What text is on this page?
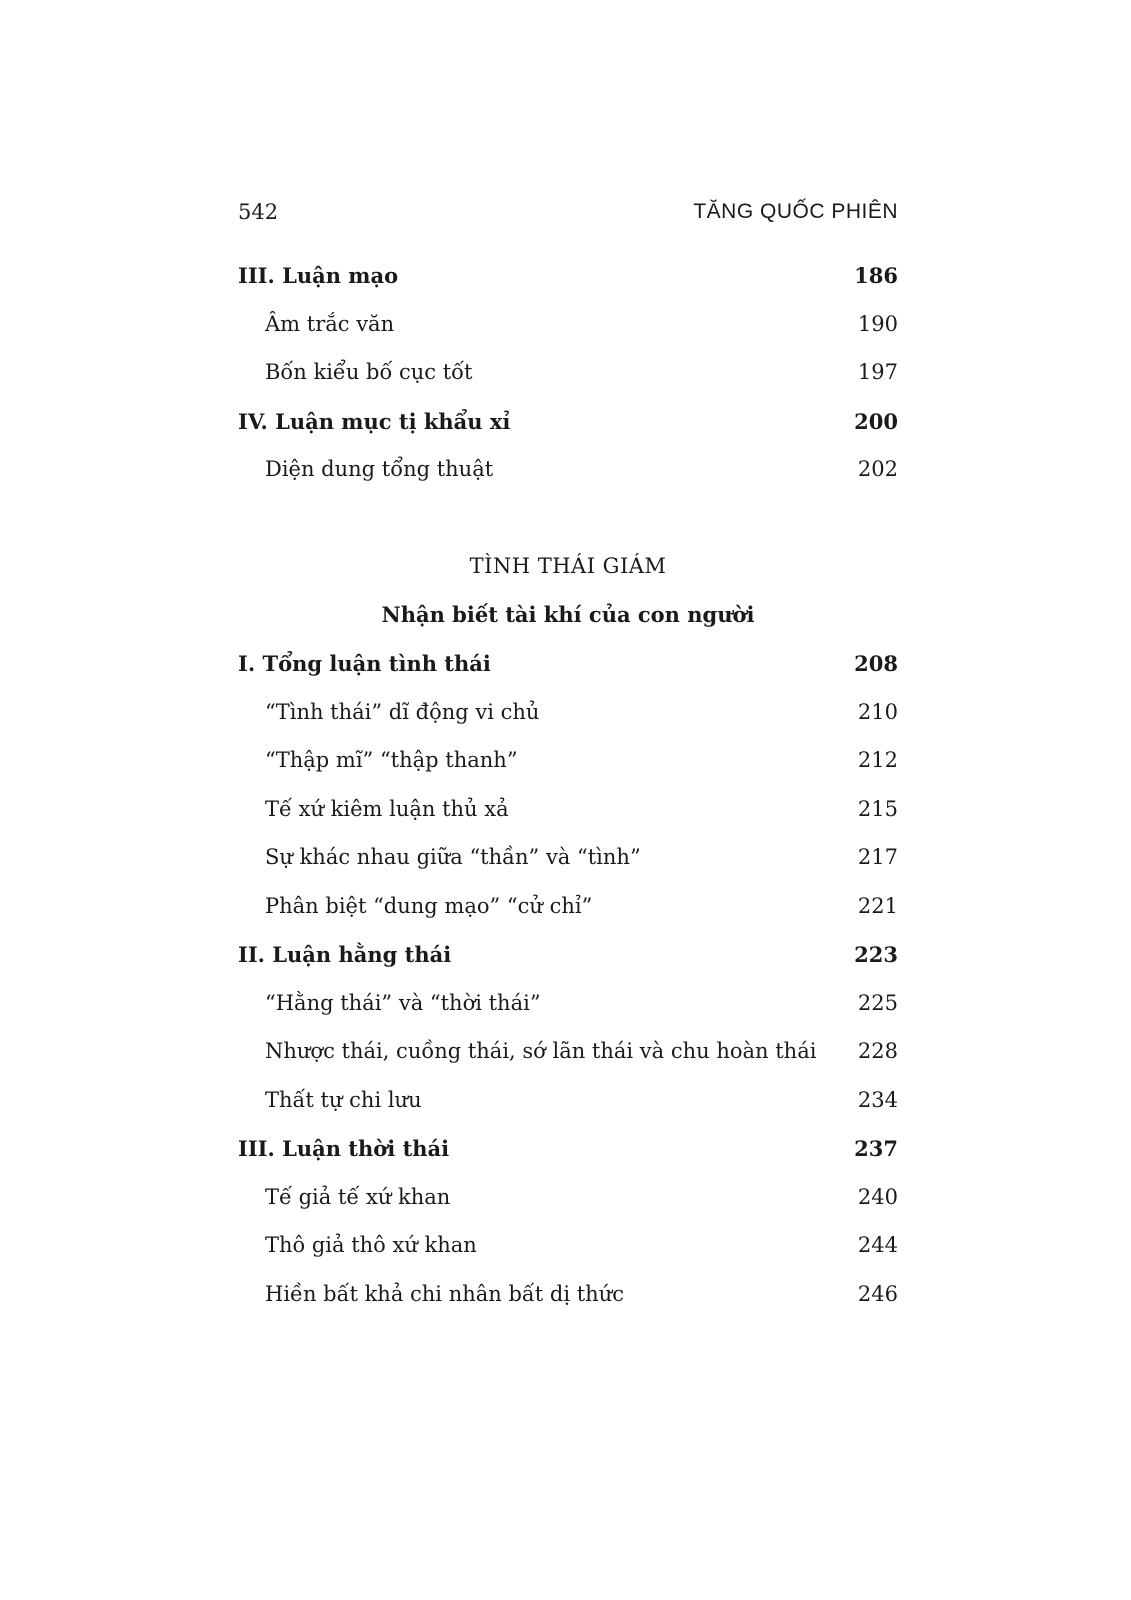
542	TĂNG QUỐC PHIÊN
III. Luận mạo	186
Âm trắc văn	190
Bốn kiểu bố cục tốt	197
IV. Luận mục tị khẩu xỉ	200
Diện dung tổng thuật	202
TÌNH THÁI GIÁM
Nhận biết tài khí của con người
I. Tổng luận tình thái	208
“Tình thái” dĩ động vi chủ	210
“Thập mĩ” “thập thanh”	212
Tế xứ kiêm luận thủ xả	215
Sự khác nhau giữa “thần” và “tình”	217
Phân biệt “dung mạo” “cử chỉ”	221
II. Luận hằng thái	223
“Hằng thái” và “thời thái”	225
Nhược thái, cuồng thái, sớ lãn thái và chu hoàn thái 228
Thất tự chi lưu	234
III. Luận thời thái	237
Tế giả tế xứ khan	240
Thô giả thô xứ khan	244
Hiền bất khả chi nhân bất dị thức	246
